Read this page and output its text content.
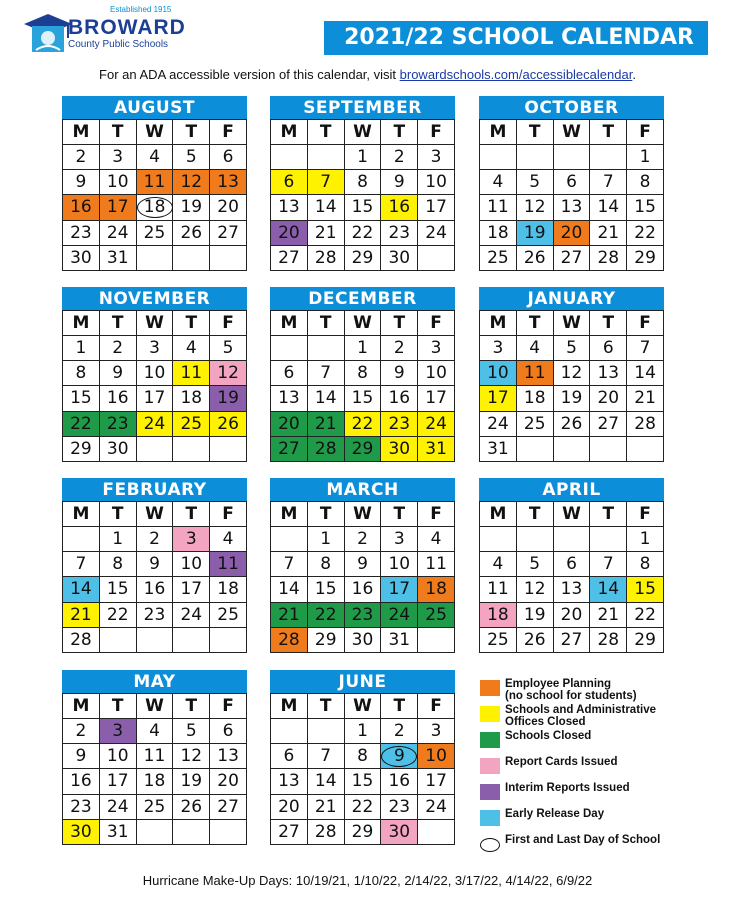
Established 1915
BROWARD
County Public Schools	2021/22 SCHOOL CALENDAR
For an ADA accessible version of this calendar, visit browardschools.com/accessiblecalendar.
AUGUST
M	T	W	T	F
2	3	4	5	6
9	10	11	12	13
16	17	18	19	20
23	24	25	26	27
30	31			
SEPTEMBER
M	T	W	T	F
		1	2	3
6	7	8	9	10
13	14	15	16	17
20	21	22	23	24
27	28	29	30	
OCTOBER
M	T	W	T	F
				1
4	5	6	7	8
11	12	13	14	15
18	19	20	21	22
25	26	27	28	29
NOVEMBER
M	T	W	T	F
1	2	3	4	5
8	9	10	11	12
15	16	17	18	19
22	23	24	25	26
29	30			
DECEMBER
M	T	W	T	F
		1	2	3
6	7	8	9	10
13	14	15	16	17
20	21	22	23	24
27	28	29	30	31
JANUARY
M	T	W	T	F
3	4	5	6	7
10	11	12	13	14
17	18	19	20	21
24	25	26	27	28
31				
FEBRUARY
M	T	W	T	F
	1	2	3	4
7	8	9	10	11
14	15	16	17	18
21	22	23	24	25
28				
MARCH
M	T	W	T	F
	1	2	3	4
7	8	9	10	11
14	15	16	17	18
21	22	23	24	25
28	29	30	31	
APRIL
M	T	W	T	F
				1
4	5	6	7	8
11	12	13	14	15
18	19	20	21	22
25	26	27	28	29
MAY
M	T	W	T	F
2	3	4	5	6
9	10	11	12	13
16	17	18	19	20
23	24	25	26	27
30	31			
JUNE
M	T	W	T	F
		1	2	3
6	7	8	9	10
13	14	15	16	17
20	21	22	23	24
27	28	29	30	
Employee Planning
(no school for students)
Schools and Administrative
Offices Closed
Schools Closed
Report Cards Issued
Interim Reports Issued
Early Release Day
First and Last Day of School
Hurricane Make-Up Days: 10/19/21, 1/10/22, 2/14/22, 3/17/22, 4/14/22, 6/9/22
